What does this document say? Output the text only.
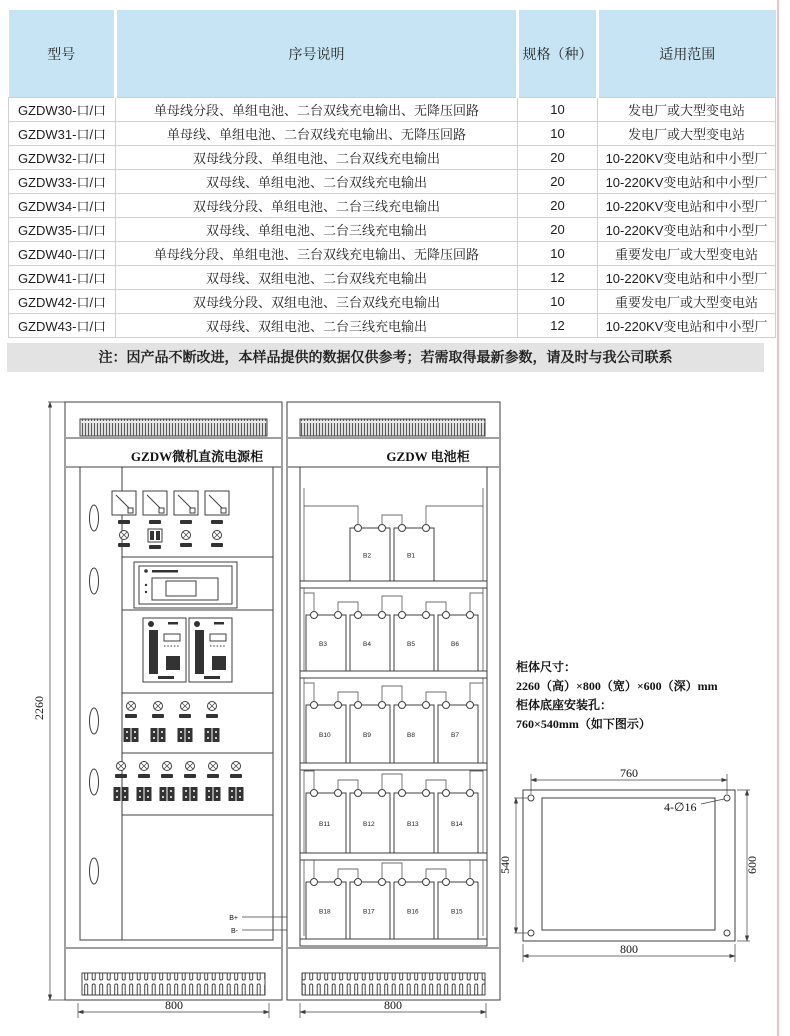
型号	序号说明	规格（种）	适用范围
GZDW30-口/口	单母线分段、单组电池、二台双线充电输出、无降压回路	10	发电厂或大型变电站
GZDW31-口/口	单母线、单组电池、二台双线充电输出、无降压回路	10	发电厂或大型变电站
GZDW32-口/口	双母线分段、单组电池、二台双线充电输出	20	10-220KV变电站和中小型厂
GZDW33-口/口	双母线、单组电池、二台双线充电输出	20	10-220KV变电站和中小型厂
GZDW34-口/口	双母线分段、单组电池、二台三线充电输出	20	10-220KV变电站和中小型厂
GZDW35-口/口	双母线、单组电池、二台三线充电输出	20	10-220KV变电站和中小型厂
GZDW40-口/口	单母线分段、单组电池、三台双线充电输出、无降压回路	10	重要发电厂或大型变电站
GZDW41-口/口	双母线、双组电池、二台双线充电输出	12	10-220KV变电站和中小型厂
GZDW42-口/口	双母线分段、双组电池、三台双线充电输出	10	重要发电厂或大型变电站
GZDW43-口/口	双母线、双组电池、二台三线充电输出	12	10-220KV变电站和中小型厂
注：因产品不断改进，本样品提供的数据仅供参考；若需取得最新参数，请及时与我公司联系
GZDW微机直流电源柜
B+
B-
GZDW 电池柜
B2	B1
B3	B4	B5	B6
B10	B9	B8	B7
B11	B12	B13	B14
B18	B17	B16	B15
2260
800	800
柜体尺寸：
2260（高）×800（宽）×600（深）mm
柜体底座安装孔：
760×540mm（如下图示）
760
800
540	600
4-∅16
